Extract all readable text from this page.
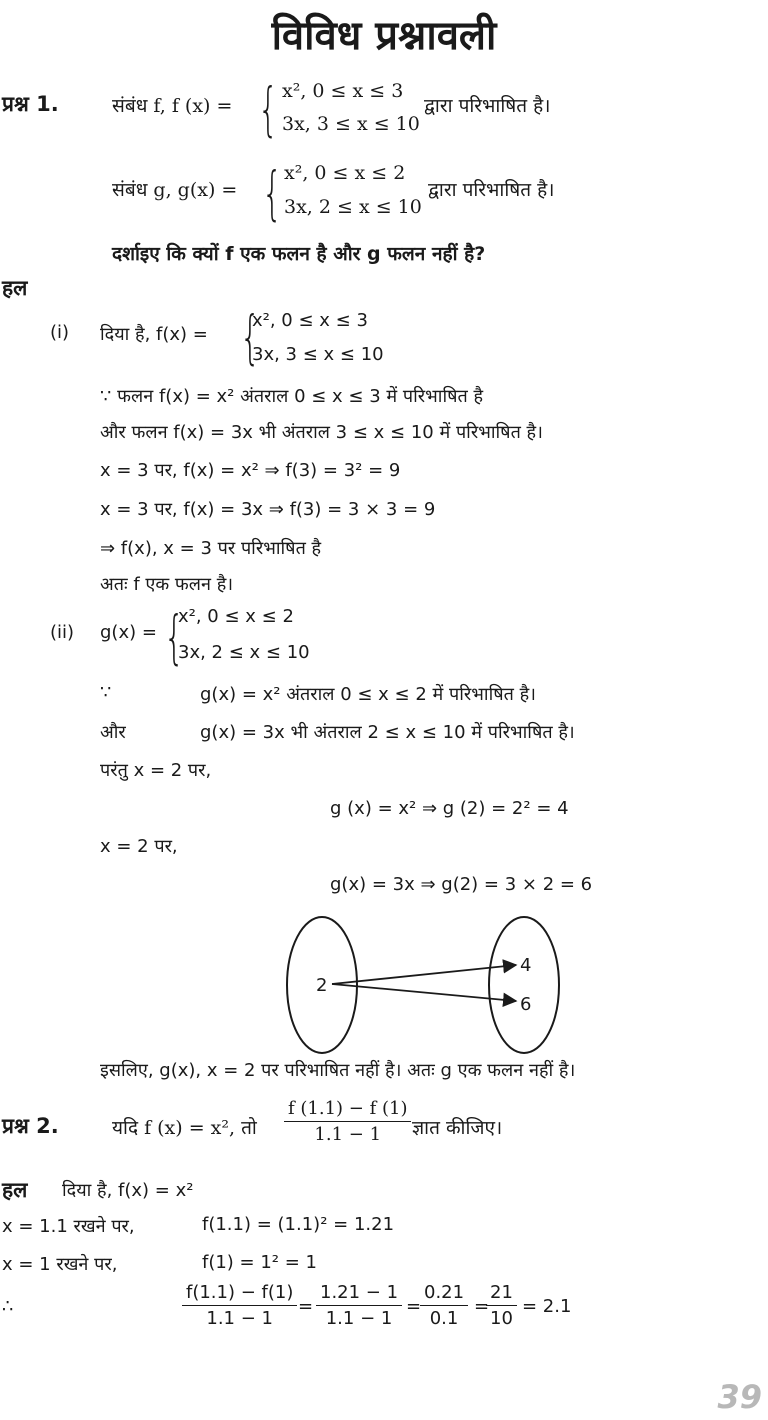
विविध प्रश्नावली
प्रश्न 1.	संबंध f, f (x) = { x², 0 ≤ x ≤ 3
3x, 3 ≤ x ≤ 10
द्वारा परिभाषित है।
संबंध g, g(x) = { x², 0 ≤ x ≤ 2
3x, 2 ≤ x ≤ 10
द्वारा परिभाषित है।
दर्शाइए कि क्यों f एक फलन है और g फलन नहीं है?
हल
(i) दिया है, f(x) = {
x², 0 ≤ x ≤ 3
3x, 3 ≤ x ≤ 10
∵ फलन f(x) = x² अंतराल 0 ≤ x ≤ 3 में परिभाषित है
और फलन f(x) = 3x भी अंतराल 3 ≤ x ≤ 10 में परिभाषित है।
x = 3 पर, f(x) = x² ⇒ f(3) = 3² = 9
x = 3 पर, f(x) = 3x ⇒ f(3) = 3 × 3 = 9
⇒ f(x), x = 3 पर परिभाषित है
अतः f एक फलन है।
(ii) g(x) = {
x², 0 ≤ x ≤ 2
3x, 2 ≤ x ≤ 10
∵	g(x) = x² अंतराल 0 ≤ x ≤ 2 में परिभाषित है।
और	g(x) = 3x भी अंतराल 2 ≤ x ≤ 10 में परिभाषित है।
परंतु x = 2 पर,
g (x) = x² ⇒ g (2) = 2² = 4
x = 2 पर,
g(x) = 3x ⇒ g(2) = 3 × 2 = 6
2
4
6
इसलिए, g(x), x = 2 पर परिभाषित नहीं है। अतः g एक फलन नहीं है।
प्रश्न 2.	यदि f (x) = x², तो $\frac{f (1.1) - f (1)}{1.1 - 1}$ ज्ञात कीजिए।
हल दिया है, f(x) = x²
x = 1.1 रखने पर,	f(1.1) = (1.1)² = 1.21
x = 1 रखने पर,	f(1) = 1² = 1
∴	$\frac{f(1.1) - f(1)}{1.1 - 1} = \frac{1.21 - 1}{1.1 - 1}$ =
$\frac{0.21}{0.1}$ =
$\frac{21}{10} = 2.1$
39
